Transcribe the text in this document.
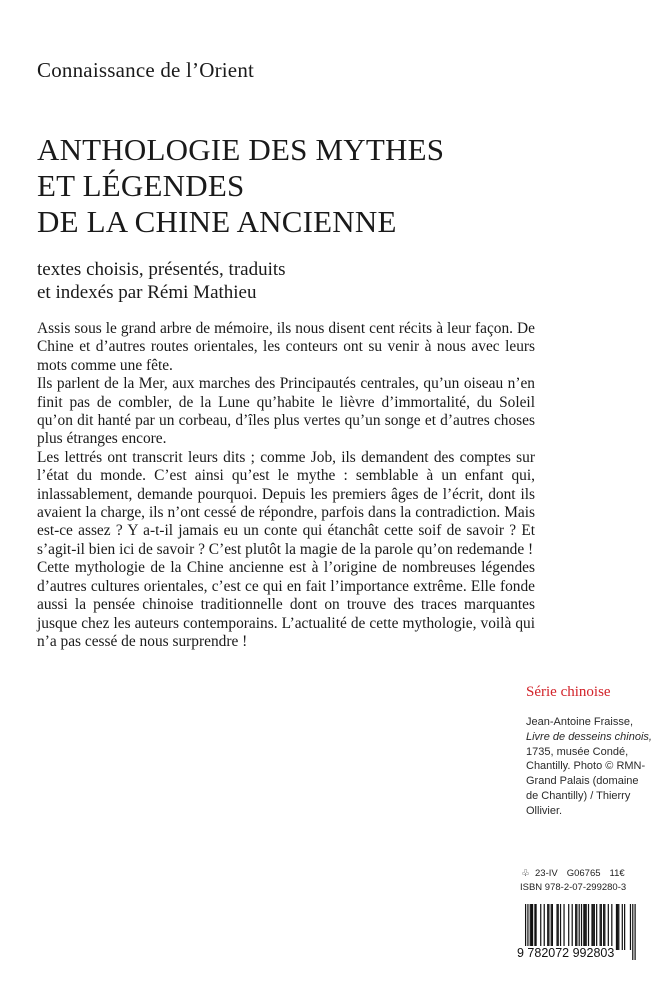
Connaissance de l’Orient
ANTHOLOGIE DES MYTHES
ET LÉGENDES
DE LA CHINE ANCIENNE
textes choisis, présentés, traduits
et indexés par Rémi Mathieu

Assis sous le grand arbre de mémoire, ils nous disent cent récits à leur façon. De Chine et d’autres routes orientales, les conteurs ont su venir à nous avec leurs mots comme une fête.

Ils parlent de la Mer, aux marches des Principautés centrales, qu’un oiseau n’en finit pas de combler, de la Lune qu’habite le lièvre d’immortalité, du Soleil qu’on dit hanté par un corbeau, d’îles plus vertes qu’un songe et d’autres choses plus étranges encore.

Les lettrés ont transcrit leurs dits ; comme Job, ils demandent des comptes sur l’état du monde. C’est ainsi qu’est le mythe : semblable à un enfant qui, inlassablement, demande pourquoi. Depuis les premiers âges de l’écrit, dont ils avaient la charge, ils n’ont cessé de répondre, parfois dans la contradiction. Mais est-ce assez ? Y a-t-il jamais eu un conte qui étanchât cette soif de savoir ? Et s’agit-il bien ici de savoir ? C’est plutôt la magie de la parole qu’on redemande !

Cette mythologie de la Chine ancienne est à l’origine de nombreuses légendes d’autres cultures orientales, c’est ce qui en fait l’importance extrême. Elle fonde aussi la pensée chinoise traditionnelle dont on trouve des traces marquantes jusque chez les auteurs contemporains. L’actualité de cette mythologie, voilà qui n’a pas cessé de nous surprendre !

Série chinoise
Jean-Antoine Fraisse,
Livre de desseins chinois, 1735, musée Condé, Chantilly. Photo © RMN-Grand Palais (domaine de Chantilly) / Thierry Ollivier.
♧ 23-IV G06765 11€
ISBN 978-2-07-299280-3
9 782072 992803
